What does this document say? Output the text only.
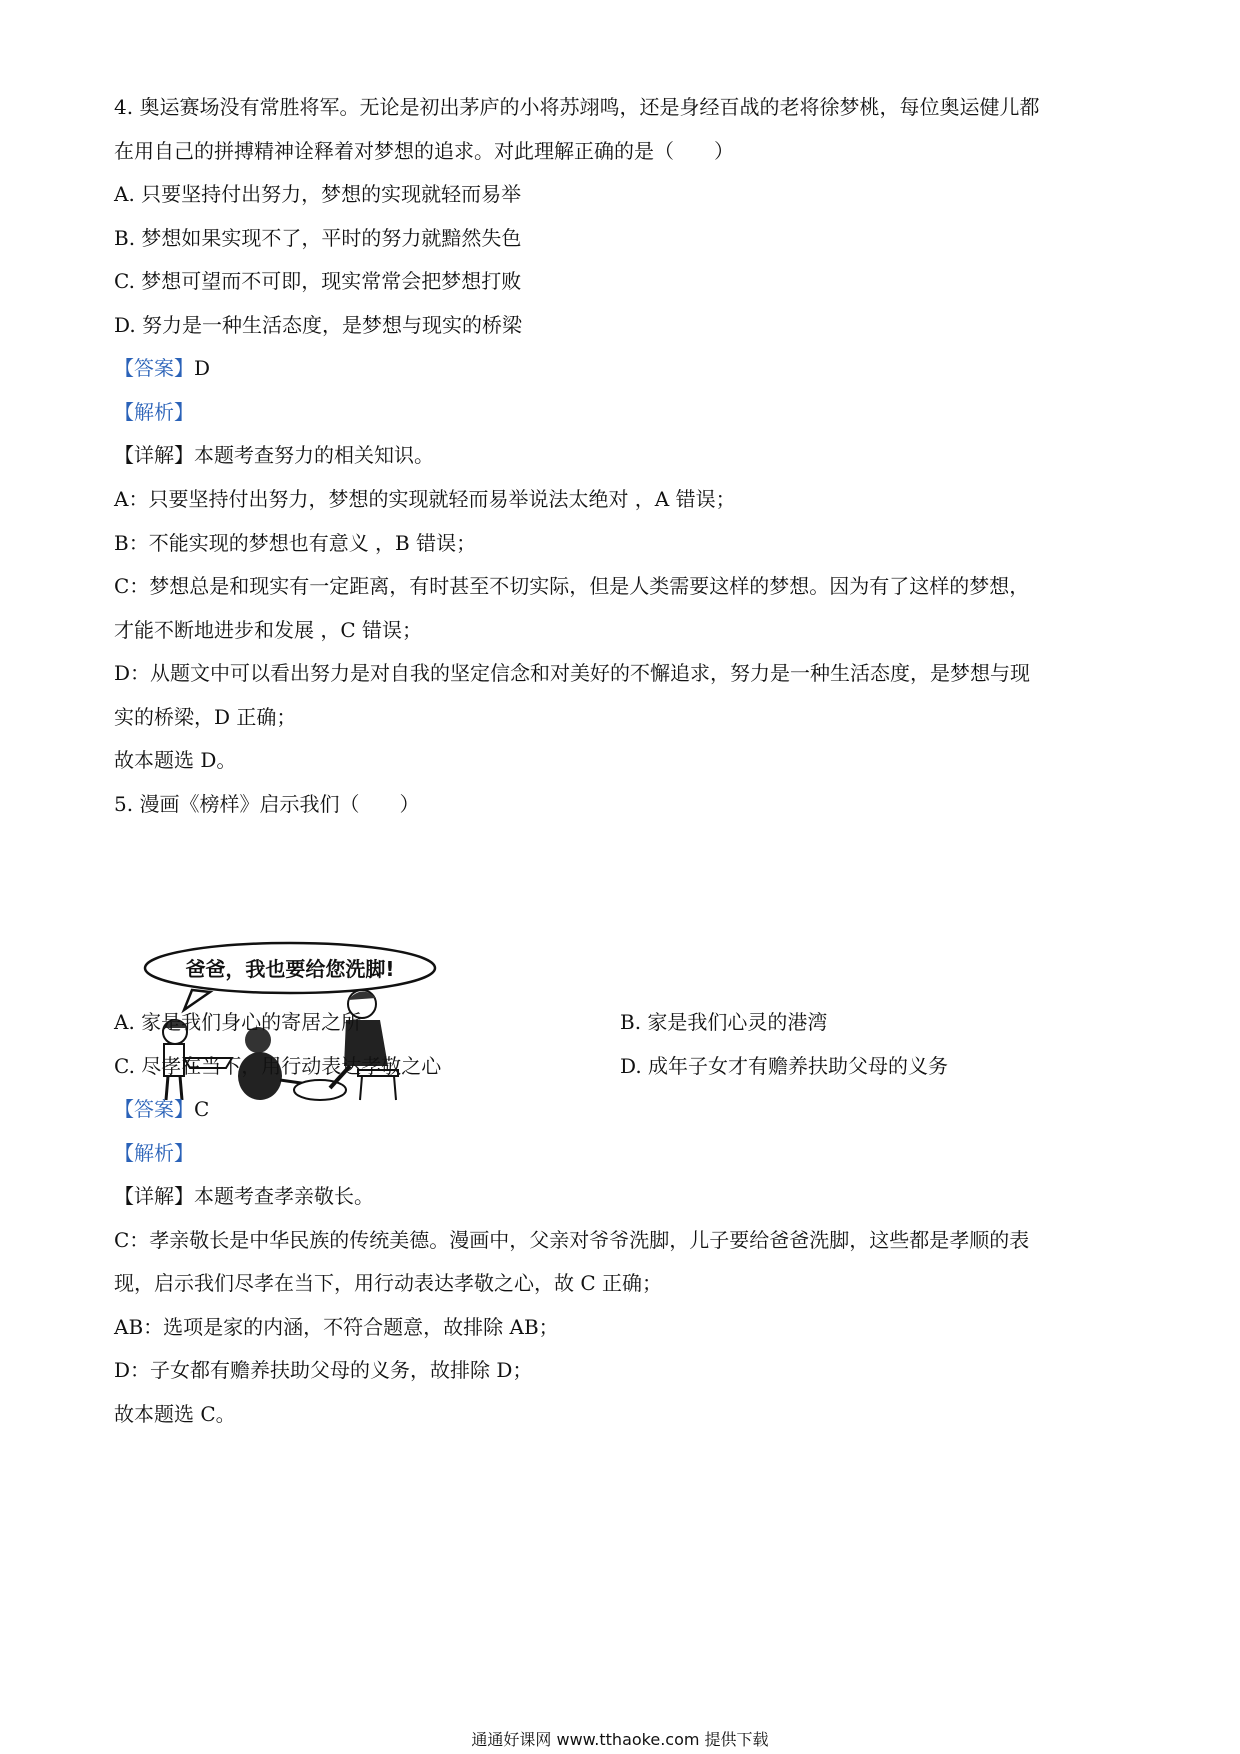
4. 奥运赛场没有常胜将军。无论是初出茅庐的小将苏翊鸣，还是身经百战的老将徐梦桃，每位奥运健儿都

在用自己的拼搏精神诠释着对梦想的追求。对此理解正确的是（　　）

A. 只要坚持付出努力，梦想的实现就轻而易举

B. 梦想如果实现不了，平时的努力就黯然失色

C. 梦想可望而不可即，现实常常会把梦想打败

D. 努力是一种生活态度，是梦想与现实的桥梁

【答案】D

【解析】

【详解】本题考查努力的相关知识。

A：只要坚持付出努力，梦想的实现就轻而易举说法太绝对 ，A 错误；

B：不能实现的梦想也有意义 ，B 错误；

C：梦想总是和现实有一定距离，有时甚至不切实际，但是人类需要这样的梦想。因为有了这样的梦想，

才能不断地进步和发展 ，C 错误；

D：从题文中可以看出努力是对自我的坚定信念和对美好的不懈追求，努力是一种生活态度，是梦想与现

实的桥梁，D 正确；

故本题选 D。

5. 漫画《榜样》启示我们（　　）

爸爸，我也要给您洗脚!

A. 家是我们身心的寄居之所	B. 家是我们心灵的港湾

C. 尽孝在当下，用行动表达孝敬之心	D. 成年子女才有赡养扶助父母的义务

【答案】C

【解析】

【详解】本题考查孝亲敬长。

C：孝亲敬长是中华民族的传统美德。漫画中，父亲对爷爷洗脚，儿子要给爸爸洗脚，这些都是孝顺的表

现，启示我们尽孝在当下，用行动表达孝敬之心，故 C 正确；

AB：选项是家的内涵，不符合题意，故排除 AB；

D：子女都有赡养扶助父母的义务，故排除 D；

故本题选 C。

通通好课网 www.tthaoke.com 提供下载
